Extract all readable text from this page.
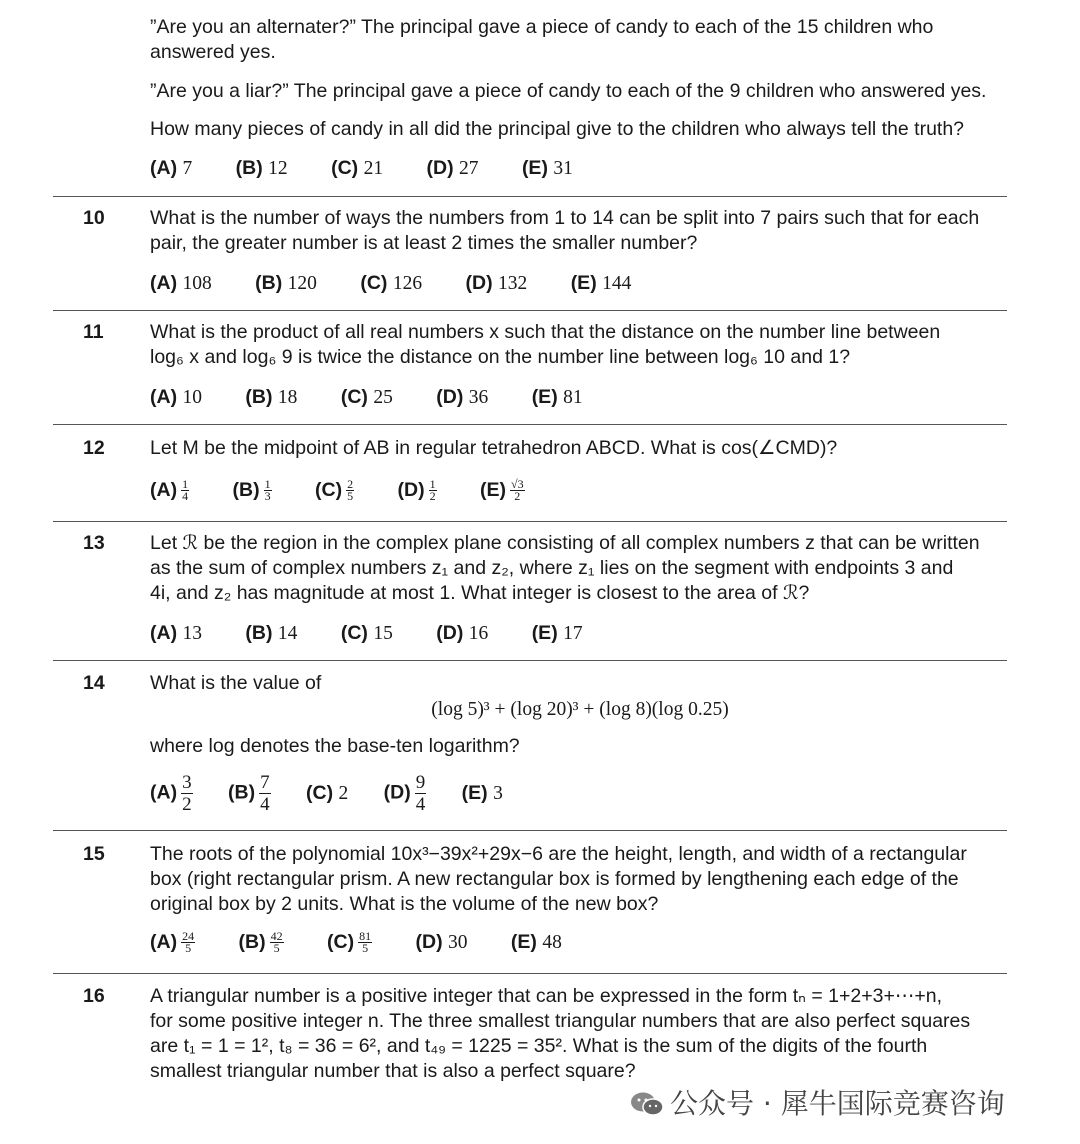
”Are you an alternater?” The principal gave a piece of candy to each of the 15 children who
answered yes.
”Are you a liar?” The principal gave a piece of candy to each of the 9 children who answered yes.
How many pieces of candy in all did the principal give to the children who always tell the truth?
(A) 7 (B) 12 (C) 21 (D) 27 (E) 31
10 What is the number of ways the numbers from 1 to 14 can be split into 7 pairs such that for each
pair, the greater number is at least 2 times the smaller number?
(A) 108 (B) 120 (C) 126 (D) 132 (E) 144
11 What is the product of all real numbers x such that the distance on the number line between
log₆ x and log₆ 9 is twice the distance on the number line between log₆ 10 and 1?
(A) 10 (B) 18 (C) 25 (D) 36 (E) 81
12 Let M be the midpoint of AB in regular tetrahedron ABCD. What is cos(∠CMD)?
$(A) \frac{1}{4} (B) \frac{1}{3} (C) \frac{2}{5} (D) \frac{1}{2} (E) \frac{√3}{2}$
13 Let ℛ be the region in the complex plane consisting of all complex numbers z that can be written
as the sum of complex numbers z₁ and z₂, where z₁ lies on the segment with endpoints 3 and
4i, and z₂ has magnitude at most 1. What integer is closest to the area of ℛ?
(A) 13 (B) 14 (C) 15 (D) 16 (E) 17
14 What is the value of
(log 5)³ + (log 20)³ + (log 8)(log 0.25)
where log denotes the base-ten logarithm?
$(A) \frac{3}{2} (B) \frac{7}{4} (C)$ 2 $(D) \frac{9}{4} (E)$ 3
15 The roots of the polynomial 10x³−39x²+29x−6 are the height, length, and width of a rectangular
box (right rectangular prism. A new rectangular box is formed by lengthening each edge of the
original box by 2 units. What is the volume of the new box?
$(A) \frac{24}{5} (B) \frac{42}{5} (C) \frac{81}{5} (D)$ 30 (E) 48
16 A triangular number is a positive integer that can be expressed in the form tₙ = 1+2+3+⋯+n,
for some positive integer n. The three smallest triangular numbers that are also perfect squares
are t₁ = 1 = 1², t₈ = 36 = 6², and t₄₉ = 1225 = 35². What is the sum of the digits of the fourth
smallest triangular number that is also a perfect square?
公众号 · 犀牛国际竞赛咨询
